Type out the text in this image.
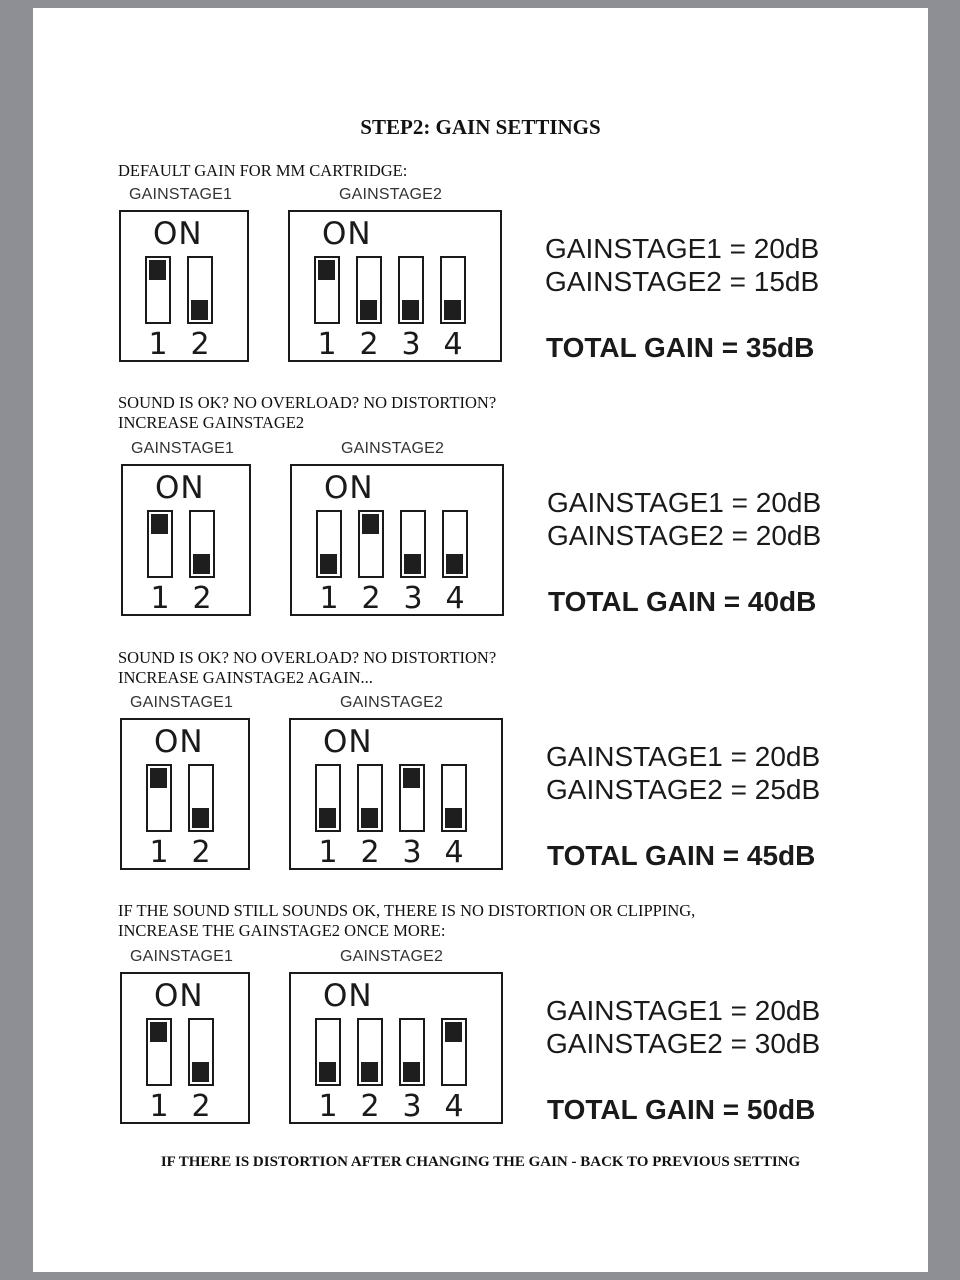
STEP2: GAIN SETTINGS
DEFAULT GAIN FOR MM CARTRIDGE:
GAINSTAGE1	GAINSTAGE2
ON
1 2
ON
1 2 3 4
GAINSTAGE1 = 20dB
GAINSTAGE2 = 15dB
TOTAL GAIN = 35dB
SOUND IS OK? NO OVERLOAD? NO DISTORTION?
INCREASE GAINSTAGE2
GAINSTAGE1	GAINSTAGE2
ON
1 2
ON
1 2 3 4
GAINSTAGE1 = 20dB
GAINSTAGE2 = 20dB
TOTAL GAIN = 40dB
SOUND IS OK? NO OVERLOAD? NO DISTORTION?
INCREASE GAINSTAGE2 AGAIN...
GAINSTAGE1	GAINSTAGE2
ON
1 2
ON
1 2 3 4
GAINSTAGE1 = 20dB
GAINSTAGE2 = 25dB
TOTAL GAIN = 45dB
IF THE SOUND STILL SOUNDS OK, THERE IS NO DISTORTION OR CLIPPING,
INCREASE THE GAINSTAGE2 ONCE MORE:
GAINSTAGE1	GAINSTAGE2
ON
1 2
ON
1 2 3 4
GAINSTAGE1 = 20dB
GAINSTAGE2 = 30dB
TOTAL GAIN = 50dB
IF THERE IS DISTORTION AFTER CHANGING THE GAIN - BACK TO PREVIOUS SETTING
